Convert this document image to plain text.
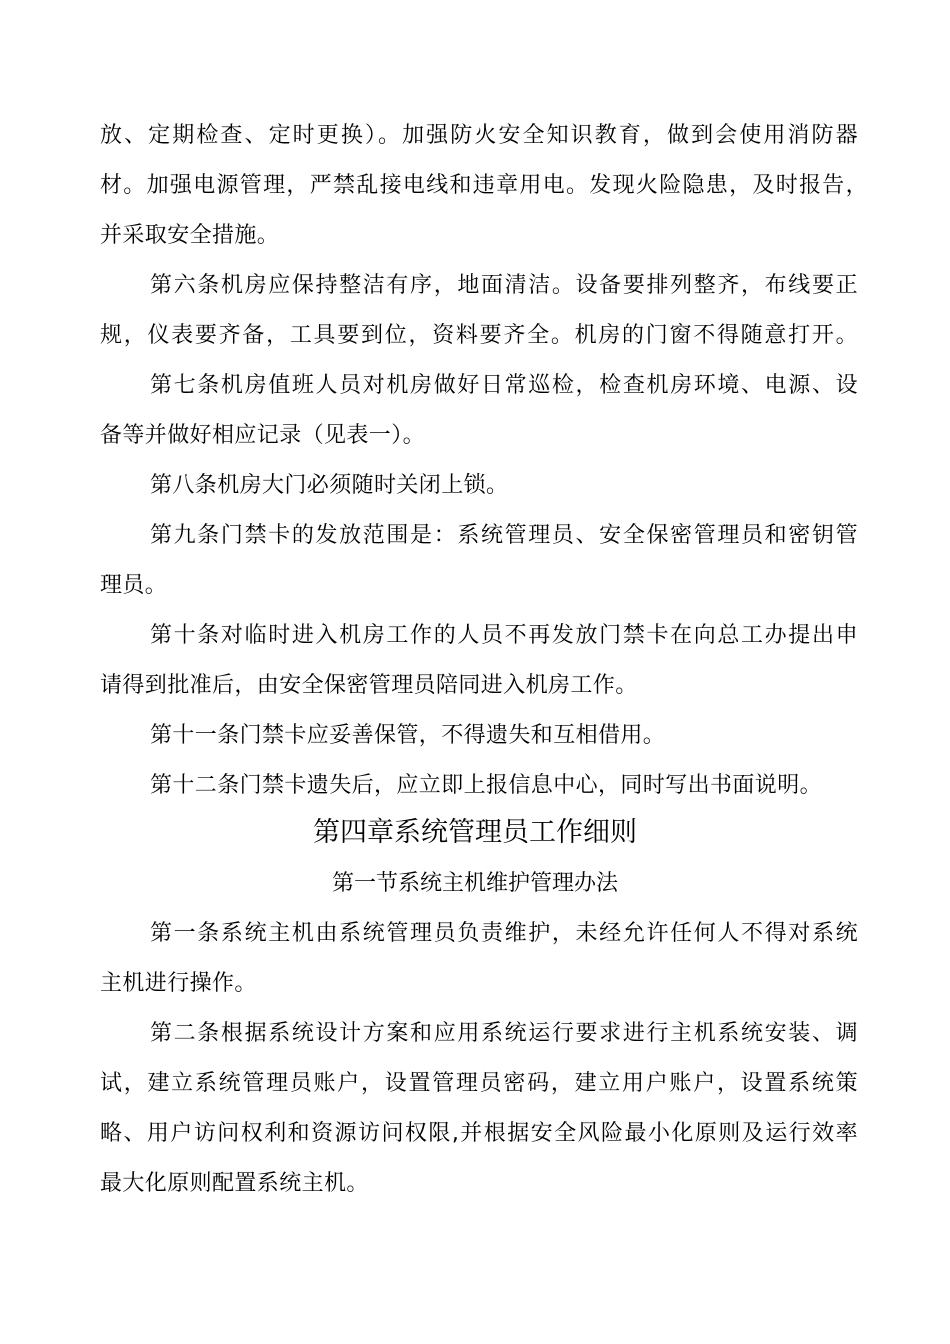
放、定期检查、定时更换）。加强防火安全知识教育，做到会使用消防器
材。加强电源管理，严禁乱接电线和违章用电。发现火险隐患，及时报告，
并采取安全措施。
第六条机房应保持整洁有序，地面清洁。设备要排列整齐，布线要正
规，仪表要齐备，工具要到位，资料要齐全。机房的门窗不得随意打开。
第七条机房值班人员对机房做好日常巡检，检查机房环境、电源、设
备等并做好相应记录（见表一）。
第八条机房大门必须随时关闭上锁。
第九条门禁卡的发放范围是：系统管理员、安全保密管理员和密钥管
理员。
第十条对临时进入机房工作的人员不再发放门禁卡在向总工办提出申
请得到批准后，由安全保密管理员陪同进入机房工作。
第十一条门禁卡应妥善保管，不得遗失和互相借用。
第十二条门禁卡遗失后，应立即上报信息中心，同时写出书面说明。
第四章系统管理员工作细则
第一节系统主机维护管理办法
第一条系统主机由系统管理员负责维护，未经允许任何人不得对系统
主机进行操作。
第二条根据系统设计方案和应用系统运行要求进行主机系统安装、调
试，建立系统管理员账户，设置管理员密码，建立用户账户，设置系统策
略、用户访问权利和资源访问权限,并根据安全风险最小化原则及运行效率
最大化原则配置系统主机。
